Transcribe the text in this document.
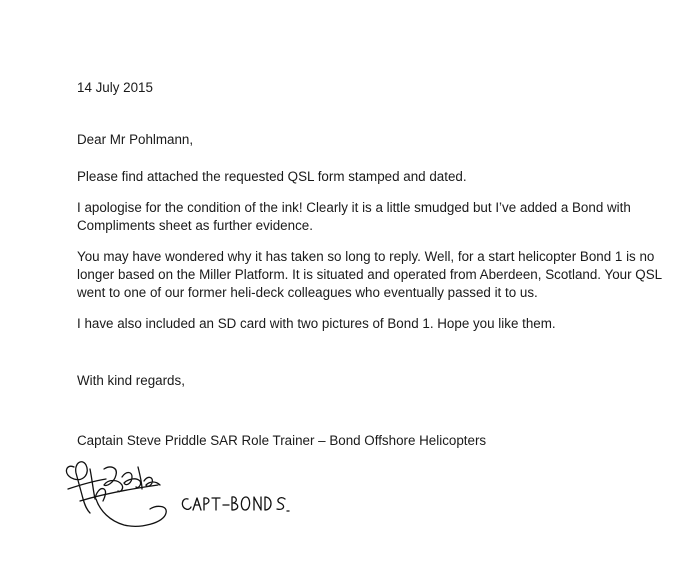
14 July 2015

Dear Mr Pohlmann,

Please find attached the requested QSL form stamped and dated.

I apologise for the condition of the ink! Clearly it is a little smudged but I’ve added a Bond with

Compliments sheet as further evidence.

You may have wondered why it has taken so long to reply. Well, for a start helicopter Bond 1 is no

longer based on the Miller Platform. It is situated and operated from Aberdeen, Scotland. Your QSL

went to one of our former heli-deck colleagues who eventually passed it to us.

I have also included an SD card with two pictures of Bond 1. Hope you like them.

With kind regards,

Captain Steve Priddle SAR Role Trainer – Bond Offshore Helicopters
